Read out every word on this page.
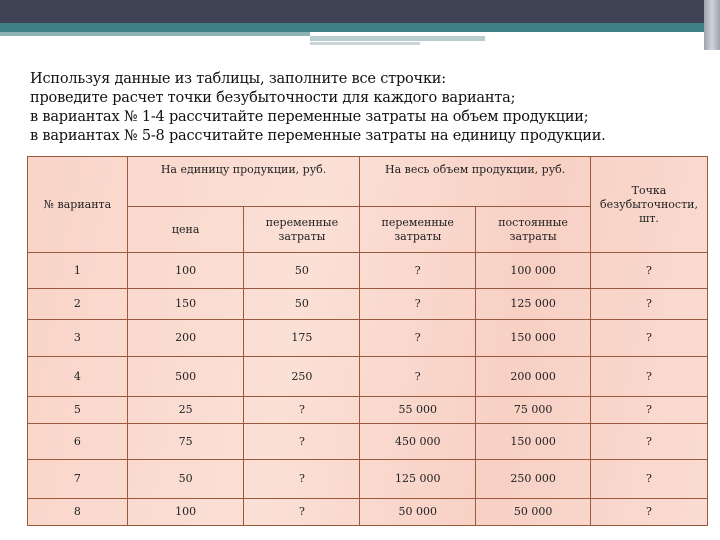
Используя данные из таблицы, заполните все строчки:
проведите расчет точки безубыточности для каждого варианта;
в вариантах № 1-4 рассчитайте переменные затраты на объем продукции;
в вариантах № 5-8 рассчитайте переменные затраты на единицу продукции.
№ варианта	На единицу продукции, руб.		На весь объем продукции, руб.		Точка безубыточности, шт.
	цена	переменные затраты	переменные затраты	постоянные затраты	
1	100	50	?	100 000	?
2	150	50	?	125 000	?
3	200	175	?	150 000	?
4	500	250	?	200 000	?
5	25	?	55 000	75 000	?
6	75	?	450 000	150 000	?
7	50	?	125 000	250 000	?
8	100	?	50 000	50 000	?
